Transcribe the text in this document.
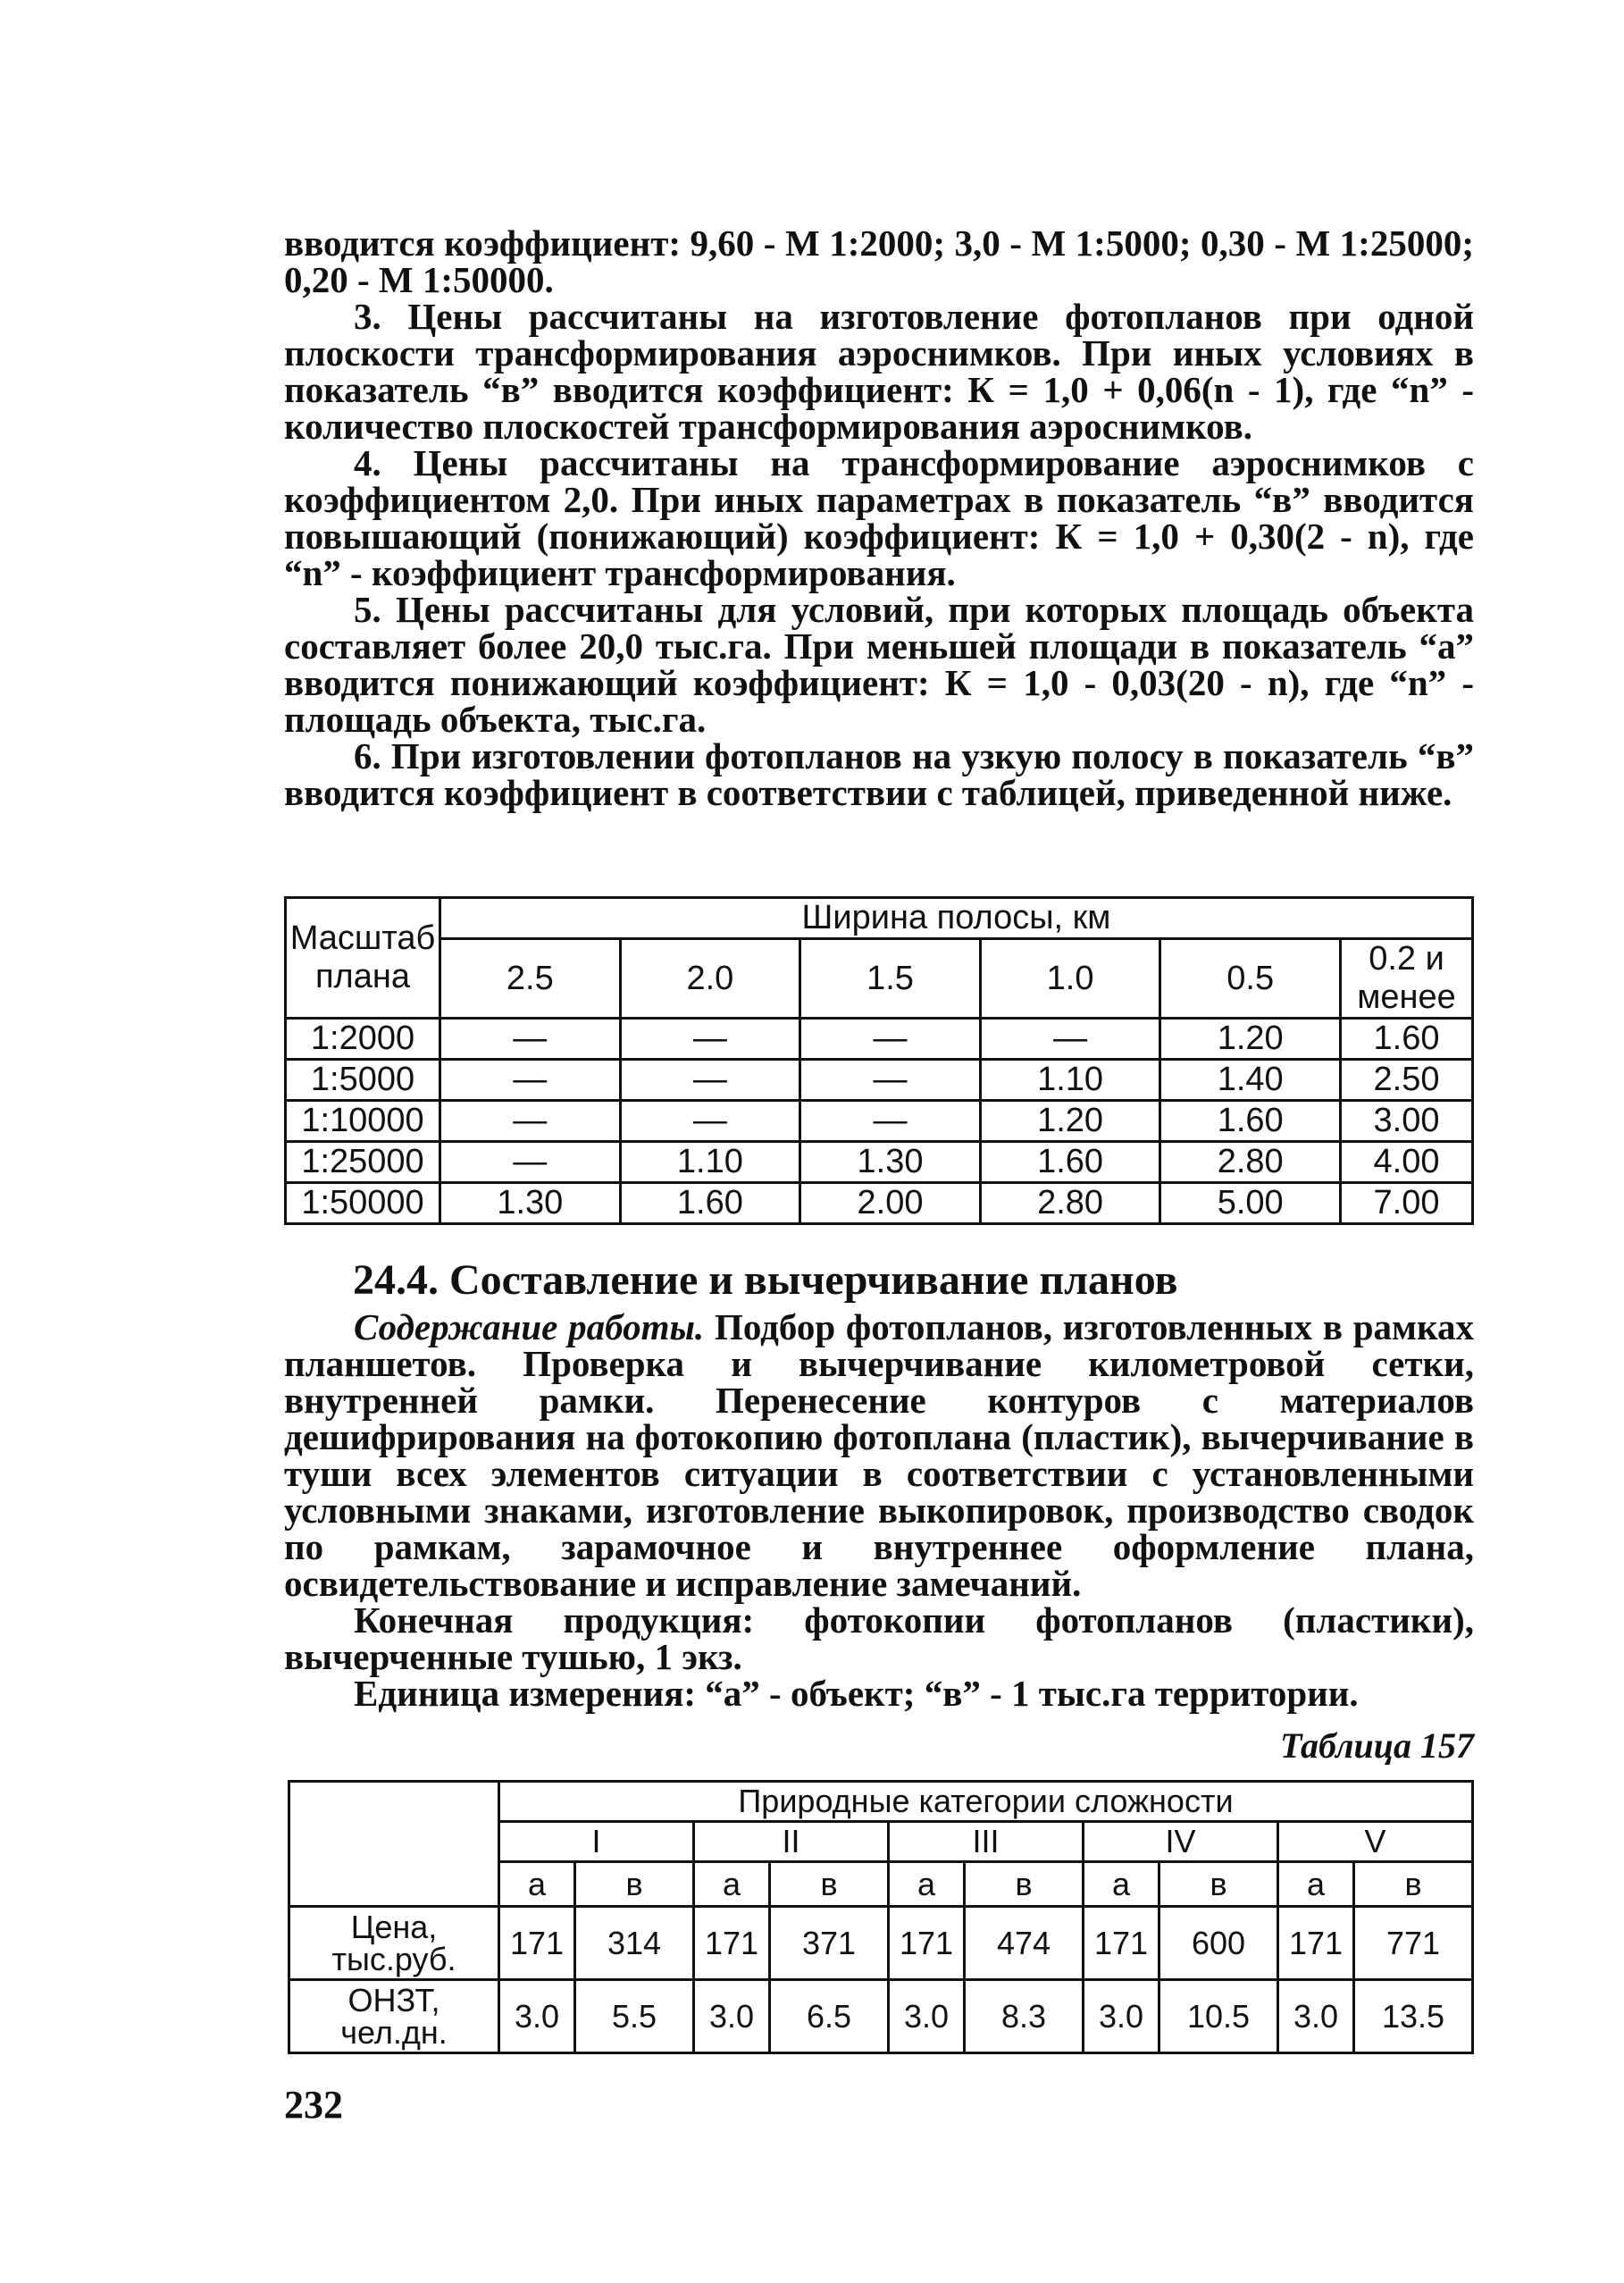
вводится коэффициент: 9,60 - М 1:2000; 3,0 - М 1:5000; 0,30 - М 1:25000; 0,20 - М 1:50000.

3. Цены рассчитаны на изготовление фотопланов при одной плоскости трансформирования аэроснимков. При иных условиях в показатель “в” вводится коэффициент: К = 1,0 + 0,06(n - 1), где “n” - количество плоскостей трансформирования аэроснимков.

4. Цены рассчитаны на трансформирование аэроснимков с коэффициентом 2,0. При иных параметрах в показатель “в” вводится повышающий (понижающий) коэффициент: К = 1,0 + 0,30(2 - n), где “n” - коэффициент трансформирования.

5. Цены рассчитаны для условий, при которых площадь объекта составляет более 20,0 тыс.га. При меньшей площади в показатель “а” вводится понижающий коэффициент: К = 1,0 - 0,03(20 - n), где “n” - площадь объекта, тыс.га.

6. При изготовлении фотопланов на узкую полосу в показатель “в” вводится коэффициент в соответствии с таблицей, приведенной ниже.

Масштаб плана	Ширина полосы, км					
	2.5	2.0	1.5	1.0	0.5	0.2 и менее
1:2000	—	—	—	—	1.20	1.60
1:5000	—	—	—	1.10	1.40	2.50
1:10000	—	—	—	1.20	1.60	3.00
1:25000	—	1.10	1.30	1.60	2.80	4.00
1:50000	1.30	1.60	2.00	2.80	5.00	7.00
24.4. Составление и вычерчивание планов

Содержание работы. Подбор фотопланов, изготовленных в рамках планшетов. Проверка и вычерчивание километровой сетки, внутренней рамки. Перенесение контуров с материалов дешифрирования на фотокопию фотоплана (пластик), вычерчивание в туши всех элементов ситуации в соответствии с установленными условными знаками, изготовление выкопировок, производство сводок по рамкам, зарамочное и внутреннее оформление плана, освидетельствование и исправление замечаний.

Конечная продукция: фотокопии фотопланов (пластики), вычерченные тушью, 1 экз.

Единица измерения: “а” - объект; “в” - 1 тыс.га территории.

Таблица 157
	Природные категории сложности									
	I		II		III		IV		V	
	а	в	а	в	а	в	а	в	а	в
Цена, тыс.руб.	171	314	171	371	171	474	171	600	171	771
ОНЗТ, чел.дн.	3.0	5.5	3.0	6.5	3.0	8.3	3.0	10.5	3.0	13.5
232
